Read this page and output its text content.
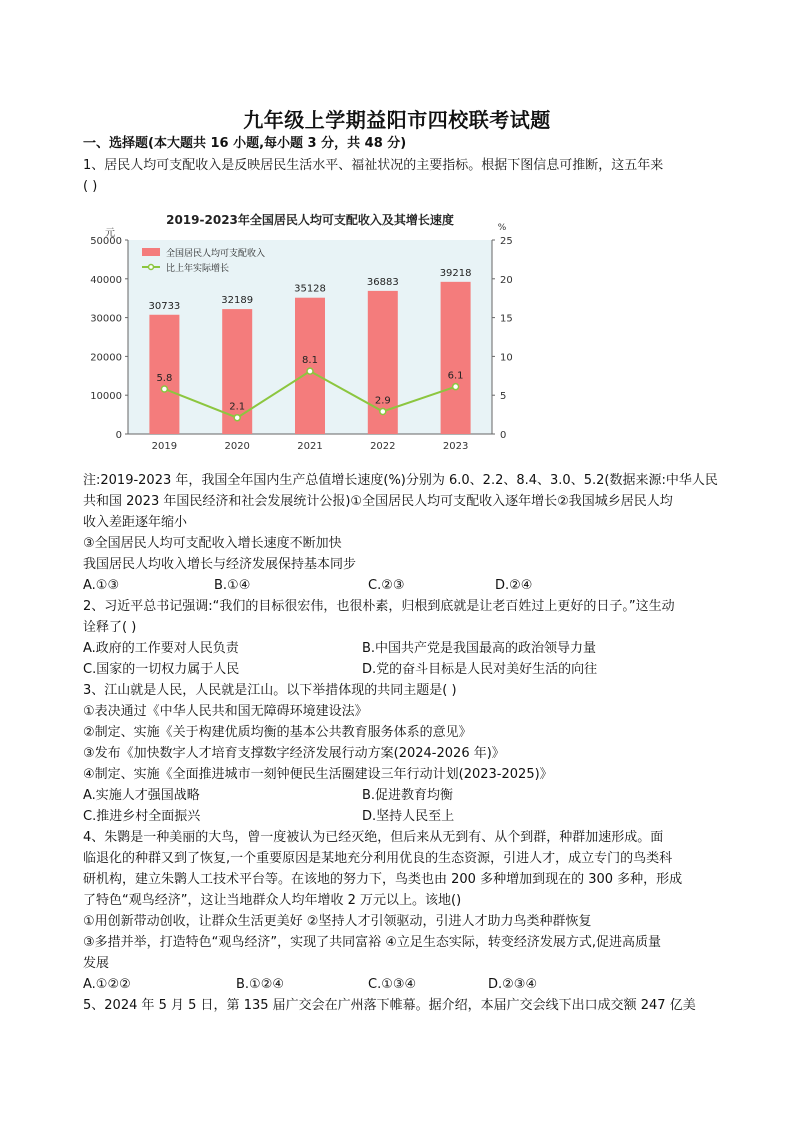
九年级上学期益阳市四校联考试题
一、选择题(本大题共 16 小题,每小题 3 分，共 48 分)
1、居民人均可支配收入是反映居民生活水平、福祉状况的主要指标。根据下图信息可推断，这五年来
( )
2019-2023年全国居民人均可支配收入及其增长速度
元	%
0
10000
20000
30000
40000
50000
0
5
10
15
20
25
30733
2019
32189
2020
35128
2021
36883
2022
39218
2023
5.8
2.1
8.1
2.9
6.1
全国居民人均可支配收入
比上年实际增长
注:2019-2023 年，我国全年国内生产总值增长速度(%)分别为 6.0、2.2、8.4、3.0、5.2(数据来源:中华人民
共和国 2023 年国民经济和社会发展统计公报)①全国居民人均可支配收入逐年增长②我国城乡居民人均
收入差距逐年缩小
③全国居民人均可支配收入增长速度不断加快
我国居民人均收入增长与经济发展保持基本同步
A.①③	B.①④	C.②③	D.②④
2、习近平总书记强调:“我们的目标很宏伟，也很朴素，归根到底就是让老百姓过上更好的日子。”这生动
诠释了( )
A.政府的工作要对人民负责	B.中国共产党是我国最高的政治领导力量
C.国家的一切权力属于人民	D.党的奋斗目标是人民对美好生活的向往
3、江山就是人民，人民就是江山。以下举措体现的共同主题是( )
①表决通过《中华人民共和国无障碍环境建设法》
②制定、实施《关于构建优质均衡的基本公共教育服务体系的意见》
③发布《加快数字人才培育支撑数字经济发展行动方案(2024-2026 年)》
④制定、实施《全面推进城市一刻钟便民生活圈建设三年行动计划(2023-2025)》
A.实施人才强国战略	B.促进教育均衡
C.推进乡村全面振兴	D.坚持人民至上
4、朱鹮是一种美丽的大鸟，曾一度被认为已经灭绝，但后来从无到有、从个到群，种群加速形成。面
临退化的种群又到了恢复,一个重要原因是某地充分利用优良的生态资源，引进人才，成立专门的鸟类科
研机构，建立朱鹮人工技术平台等。在该地的努力下，鸟类也由 200 多种增加到现在的 300 多种，形成
了特色“观鸟经济”，这让当地群众人均年增收 2 万元以上。该地()
①用创新带动创收，让群众生活更美好 ②坚持人才引领驱动，引进人才助力鸟类种群恢复
③多措并举，打造特色“观鸟经济”，实现了共同富裕 ④立足生态实际，转变经济发展方式,促进高质量
发展
A.①②②	B.①②④	C.①③④	D.②③④
5、2024 年 5 月 5 日，第 135 届广交会在广州落下帷幕。据介绍，本届广交会线下出口成交额 247 亿美
